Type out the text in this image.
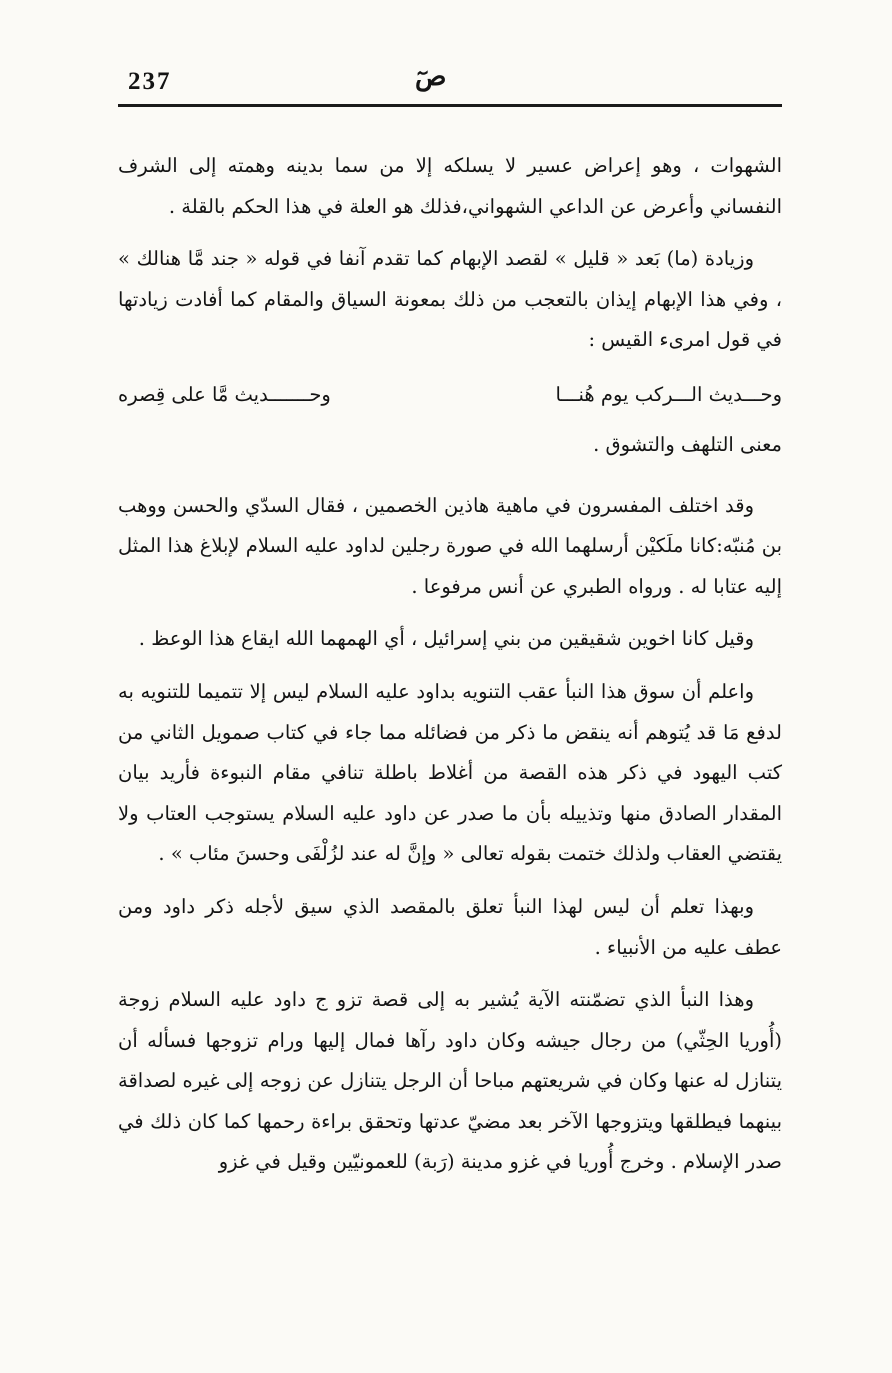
237	صٓ

الشهوات ، وهو إعراض عسير لا يسلكه إلا من سما بدينه وهمته إلى الشرف النفساني وأعرض عن الداعي الشهواني،فذلك هو العلة في هذا الحكم بالقلة .

وزيادة (ما) بَعد « قليل » لقصد الإبهام كما تقدم آنفا في قوله « جند مَّا هنالك » ، وفي هذا الإبهام إيذان بالتعجب من ذلك بمعونة السياق والمقام كما أفادت زيادتها في قول امرىء القيس :

وحـــديث الـــركب يوم هُنـــا
وحـــــــديث مَّا على قِصره

معنى التلهف والتشوق .

وقد اختلف المفسرون في ماهية هاذين الخصمين ، فقال السدّي والحسن ووهب بن مُنبّه:كانا ملَكيْن أرسلهما الله في صورة رجلين لداود عليه السلام لإبلاغ هذا المثل إليه عتابا له . ورواه الطبري عن أنس مرفوعا .

وقيل كانا اخوين شقيقين من بني إسرائيل ، أي الهمهما الله ايقاع هذا الوعظ .

واعلم أن سوق هذا النبأ عقب التنويه بداود عليه السلام ليس إلا تتميما للتنويه به لدفع مَا قد يُتوهم أنه ينقض ما ذكر من فضائله مما جاء في كتاب صمويل الثاني من كتب اليهود في ذكر هذه القصة من أغلاط باطلة تنافي مقام النبوءة فأريد بيان المقدار الصادق منها وتذييله بأن ما صدر عن داود عليه السلام يستوجب العتاب ولا يقتضي العقاب ولذلك ختمت بقوله تعالى « وإنَّ له عند لزُلْفَى وحسنَ مئاب » .

وبهذا تعلم أن ليس لهذا النبأ تعلق بالمقصد الذي سيق لأجله ذكر داود ومن عطف عليه من الأنبياء .

وهذا النبأ الذي تضمّنته الآية يُشير به إلى قصة تزو ج داود عليه السلام زوجة (أُوريا الحِثّي) من رجال جيشه وكان داود رآها فمال إليها ورام تزوجها فسأله أن يتنازل له عنها وكان في شريعتهم مباحا أن الرجل يتنازل عن زوجه إلى غيره لصداقة بينهما فيطلقها ويتزوجها الآخر بعد مضيّ عدتها وتحقق براءة رحمها كما كان ذلك في صدر الإسلام . وخرج أُوريا في غزو مدينة (رَبة) للعمونيّين وقيل في غزو
